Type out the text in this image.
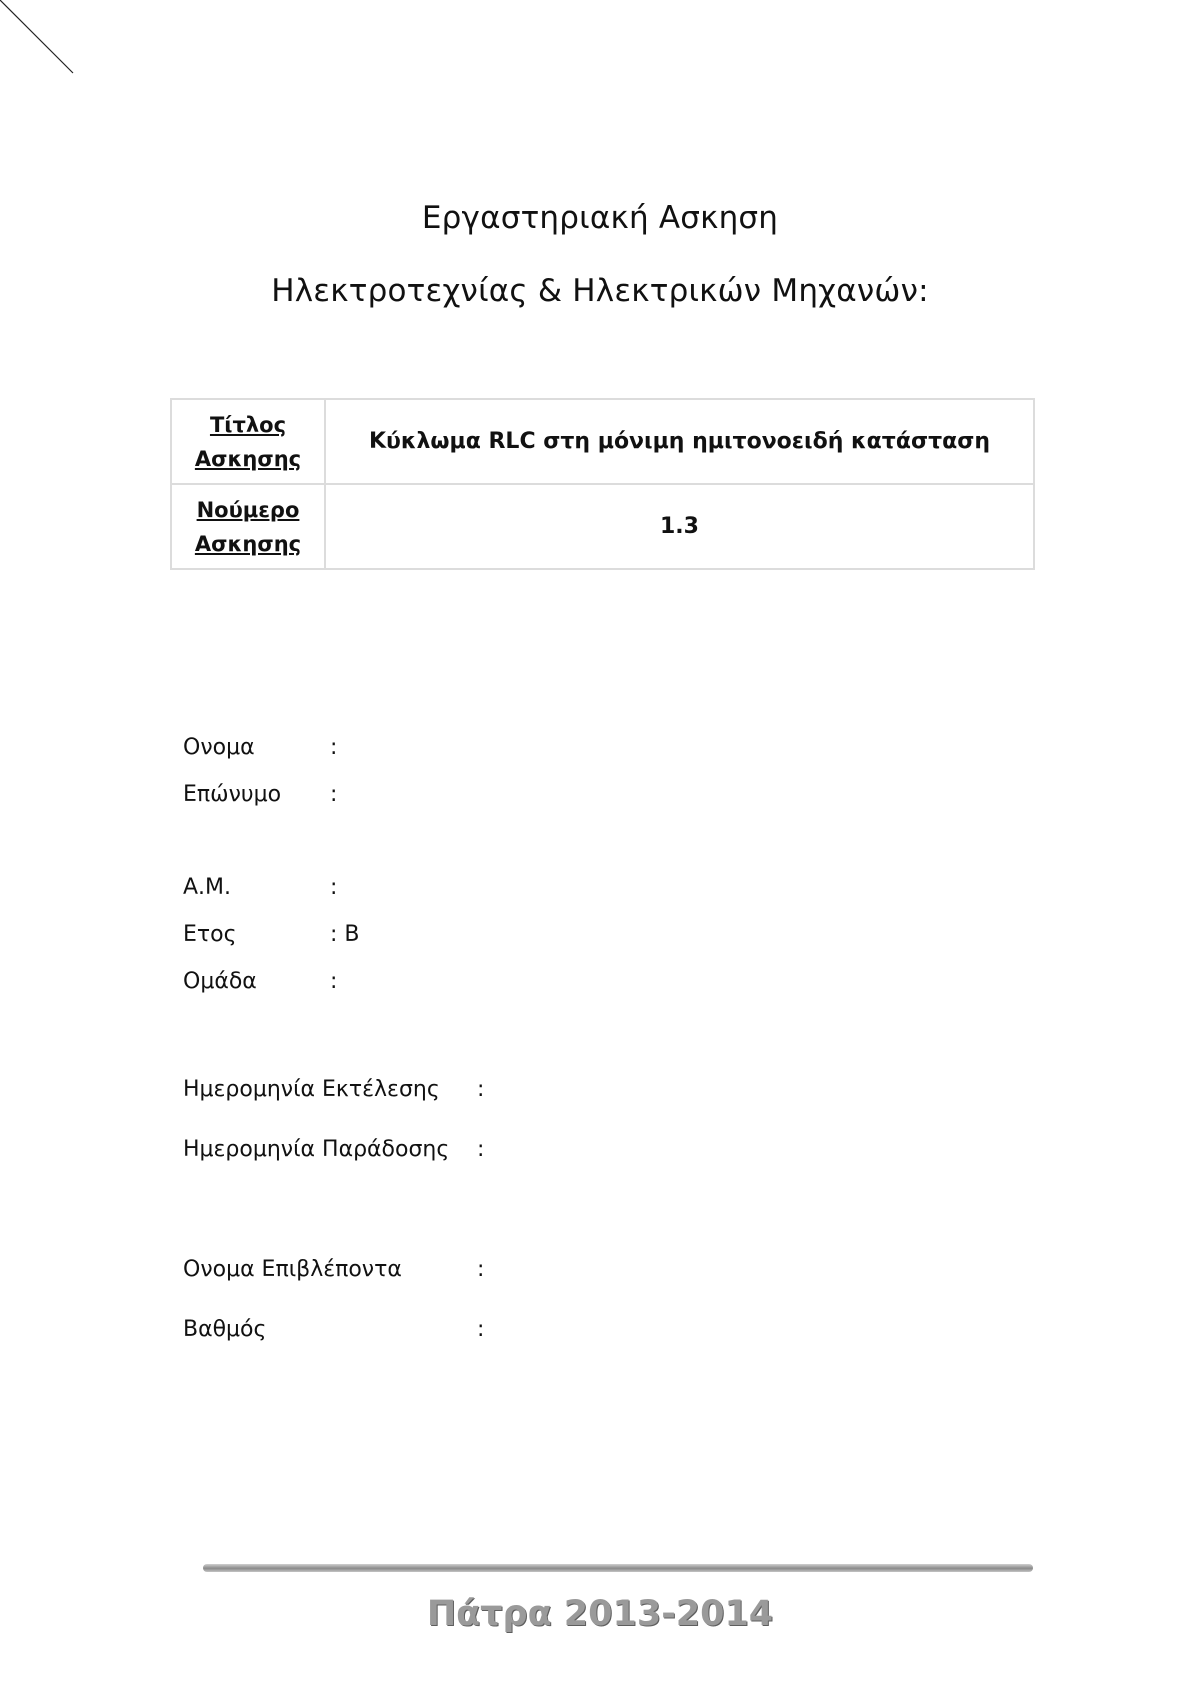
Εργαστηριακή Ασκηση
Ηλεκτροτεχνίας & Ηλεκτρικών Μηχανών:
Τίτλος
Ασκησης	Κύκλωμα RLC στη μόνιμη ημιτονοειδή κατάσταση

Νούμερο
Ασκησης	1.3
Ονομα	:
Επώνυμο :
Α.Μ.	:
Ετος	: Β
Ομάδα	:
Ημερομηνία Εκτέλεσης :
Ημερομηνία Παράδοσης :
Ονομα Επιβλέποντα	:
Βαθμός	:
Πάτρα 2013-2014
